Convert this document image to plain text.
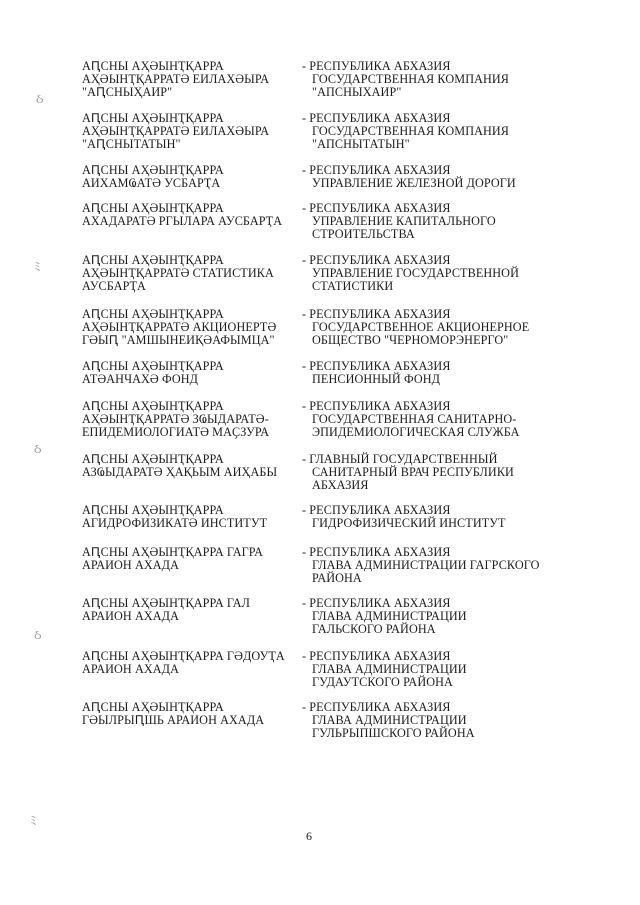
АԤСНЫ АҲӘЫНҬҚАРРА
АҲӘЫНҬҚАРРАТӘ ЕИЛАХӘЫРА
"АԤСНЫҲАИР"
- РЕСПУБЛИКА АБХАЗИЯ
ГОСУДАРСТВЕННАЯ КОМПАНИЯ
"АПСНЫХАИР"
АԤСНЫ АҲӘЫНҬҚАРРА
АҲӘЫНҬҚАРРАТӘ ЕИЛАХӘЫРА
"АԤСНЫТАТЫН"
- РЕСПУБЛИКА АБХАЗИЯ
ГОСУДАРСТВЕННАЯ КОМПАНИЯ
"АПСНЫТАТЫН"
АԤСНЫ АҲӘЫНҬҚАРРА
АИХАМҨАТӘ УСБАРҬА
- РЕСПУБЛИКА АБХАЗИЯ
УПРАВЛЕНИЕ ЖЕЛЕЗНОЙ ДОРОГИ
АԤСНЫ АҲӘЫНҬҚАРРА
АХАДАРАТӘ РГЫЛАРА АУСБАРҬА
- РЕСПУБЛИКА АБХАЗИЯ
УПРАВЛЕНИЕ КАПИТАЛЬНОГО
СТРОИТЕЛЬСТВА
АԤСНЫ АҲӘЫНҬҚАРРА
АҲӘЫНҬҚАРРАТӘ СТАТИСТИКА
АУСБАРҬА
- РЕСПУБЛИКА АБХАЗИЯ
УПРАВЛЕНИЕ ГОСУДАРСТВЕННОЙ
СТАТИСТИКИ
АԤСНЫ АҲӘЫНҬҚАРРА
АҲӘЫНҬҚАРРАТӘ АКЦИОНЕРТӘ
ГӘЫԤ "АМШЫНЕИҚӘАФЫМЦА"
- РЕСПУБЛИКА АБХАЗИЯ
ГОСУДАРСТВЕННОЕ АКЦИОНЕРНОЕ
ОБЩЕСТВО "ЧЕРНОМОРЭНЕРГО"
АԤСНЫ АҲӘЫНҬҚАРРА
АТӘАНЧАХӘ ФОНД
- РЕСПУБЛИКА АБХАЗИЯ
ПЕНСИОННЫЙ ФОНД
АԤСНЫ АҲӘЫНҬҚАРРА
АҲӘЫНҬҚАРРАТӘ ЗҨЫДАРАТӘ-
ЕПИДЕМИОЛОГИАТӘ МАҪЗУРА
- РЕСПУБЛИКА АБХАЗИЯ
ГОСУДАРСТВЕННАЯ САНИТАРНО-
ЭПИДЕМИОЛОГИЧЕСКАЯ СЛУЖБА
АԤСНЫ АҲӘЫНҬҚАРРА
АЗҨЫДАРАТӘ ҲАҚЬЫМ АИҲАБЫ
- ГЛАВНЫЙ ГОСУДАРСТВЕННЫЙ
САНИТАРНЫЙ ВРАЧ РЕСПУБЛИКИ
АБХАЗИЯ
АԤСНЫ АҲӘЫНҬҚАРРА
АГИДРОФИЗИКАТӘ ИНСТИТУТ
- РЕСПУБЛИКА АБХАЗИЯ
ГИДРОФИЗИЧЕСКИЙ ИНСТИТУТ
АԤСНЫ АҲӘЫНҬҚАРРА ГАГРА
АРАИОН АХАДА
- РЕСПУБЛИКА АБХАЗИЯ
ГЛАВА АДМИНИСТРАЦИИ ГАГРСКОГО
РАЙОНА
АԤСНЫ АҲӘЫНҬҚАРРА ГАЛ
АРАИОН АХАДА
- РЕСПУБЛИКА АБХАЗИЯ
ГЛАВА АДМИНИСТРАЦИИ
ГАЛЬСКОГО РАЙОНА
АԤСНЫ АҲӘЫНҬҚАРРА ГӘДОУҬА
АРАИОН АХАДА
- РЕСПУБЛИКА АБХАЗИЯ
ГЛАВА АДМИНИСТРАЦИИ
ГУДАУТСКОГО РАЙОНА
АԤСНЫ АҲӘЫНҬҚАРРА
ГӘЫЛРЫԤШЬ АРАИОН АХАДА
- РЕСПУБЛИКА АБХАЗИЯ
ГЛАВА АДМИНИСТРАЦИИ
ГУЛЬРЫПШСКОГО РАЙОНА
6
ઠ
ﾐ
ઠ
ઠ
ﾐ
